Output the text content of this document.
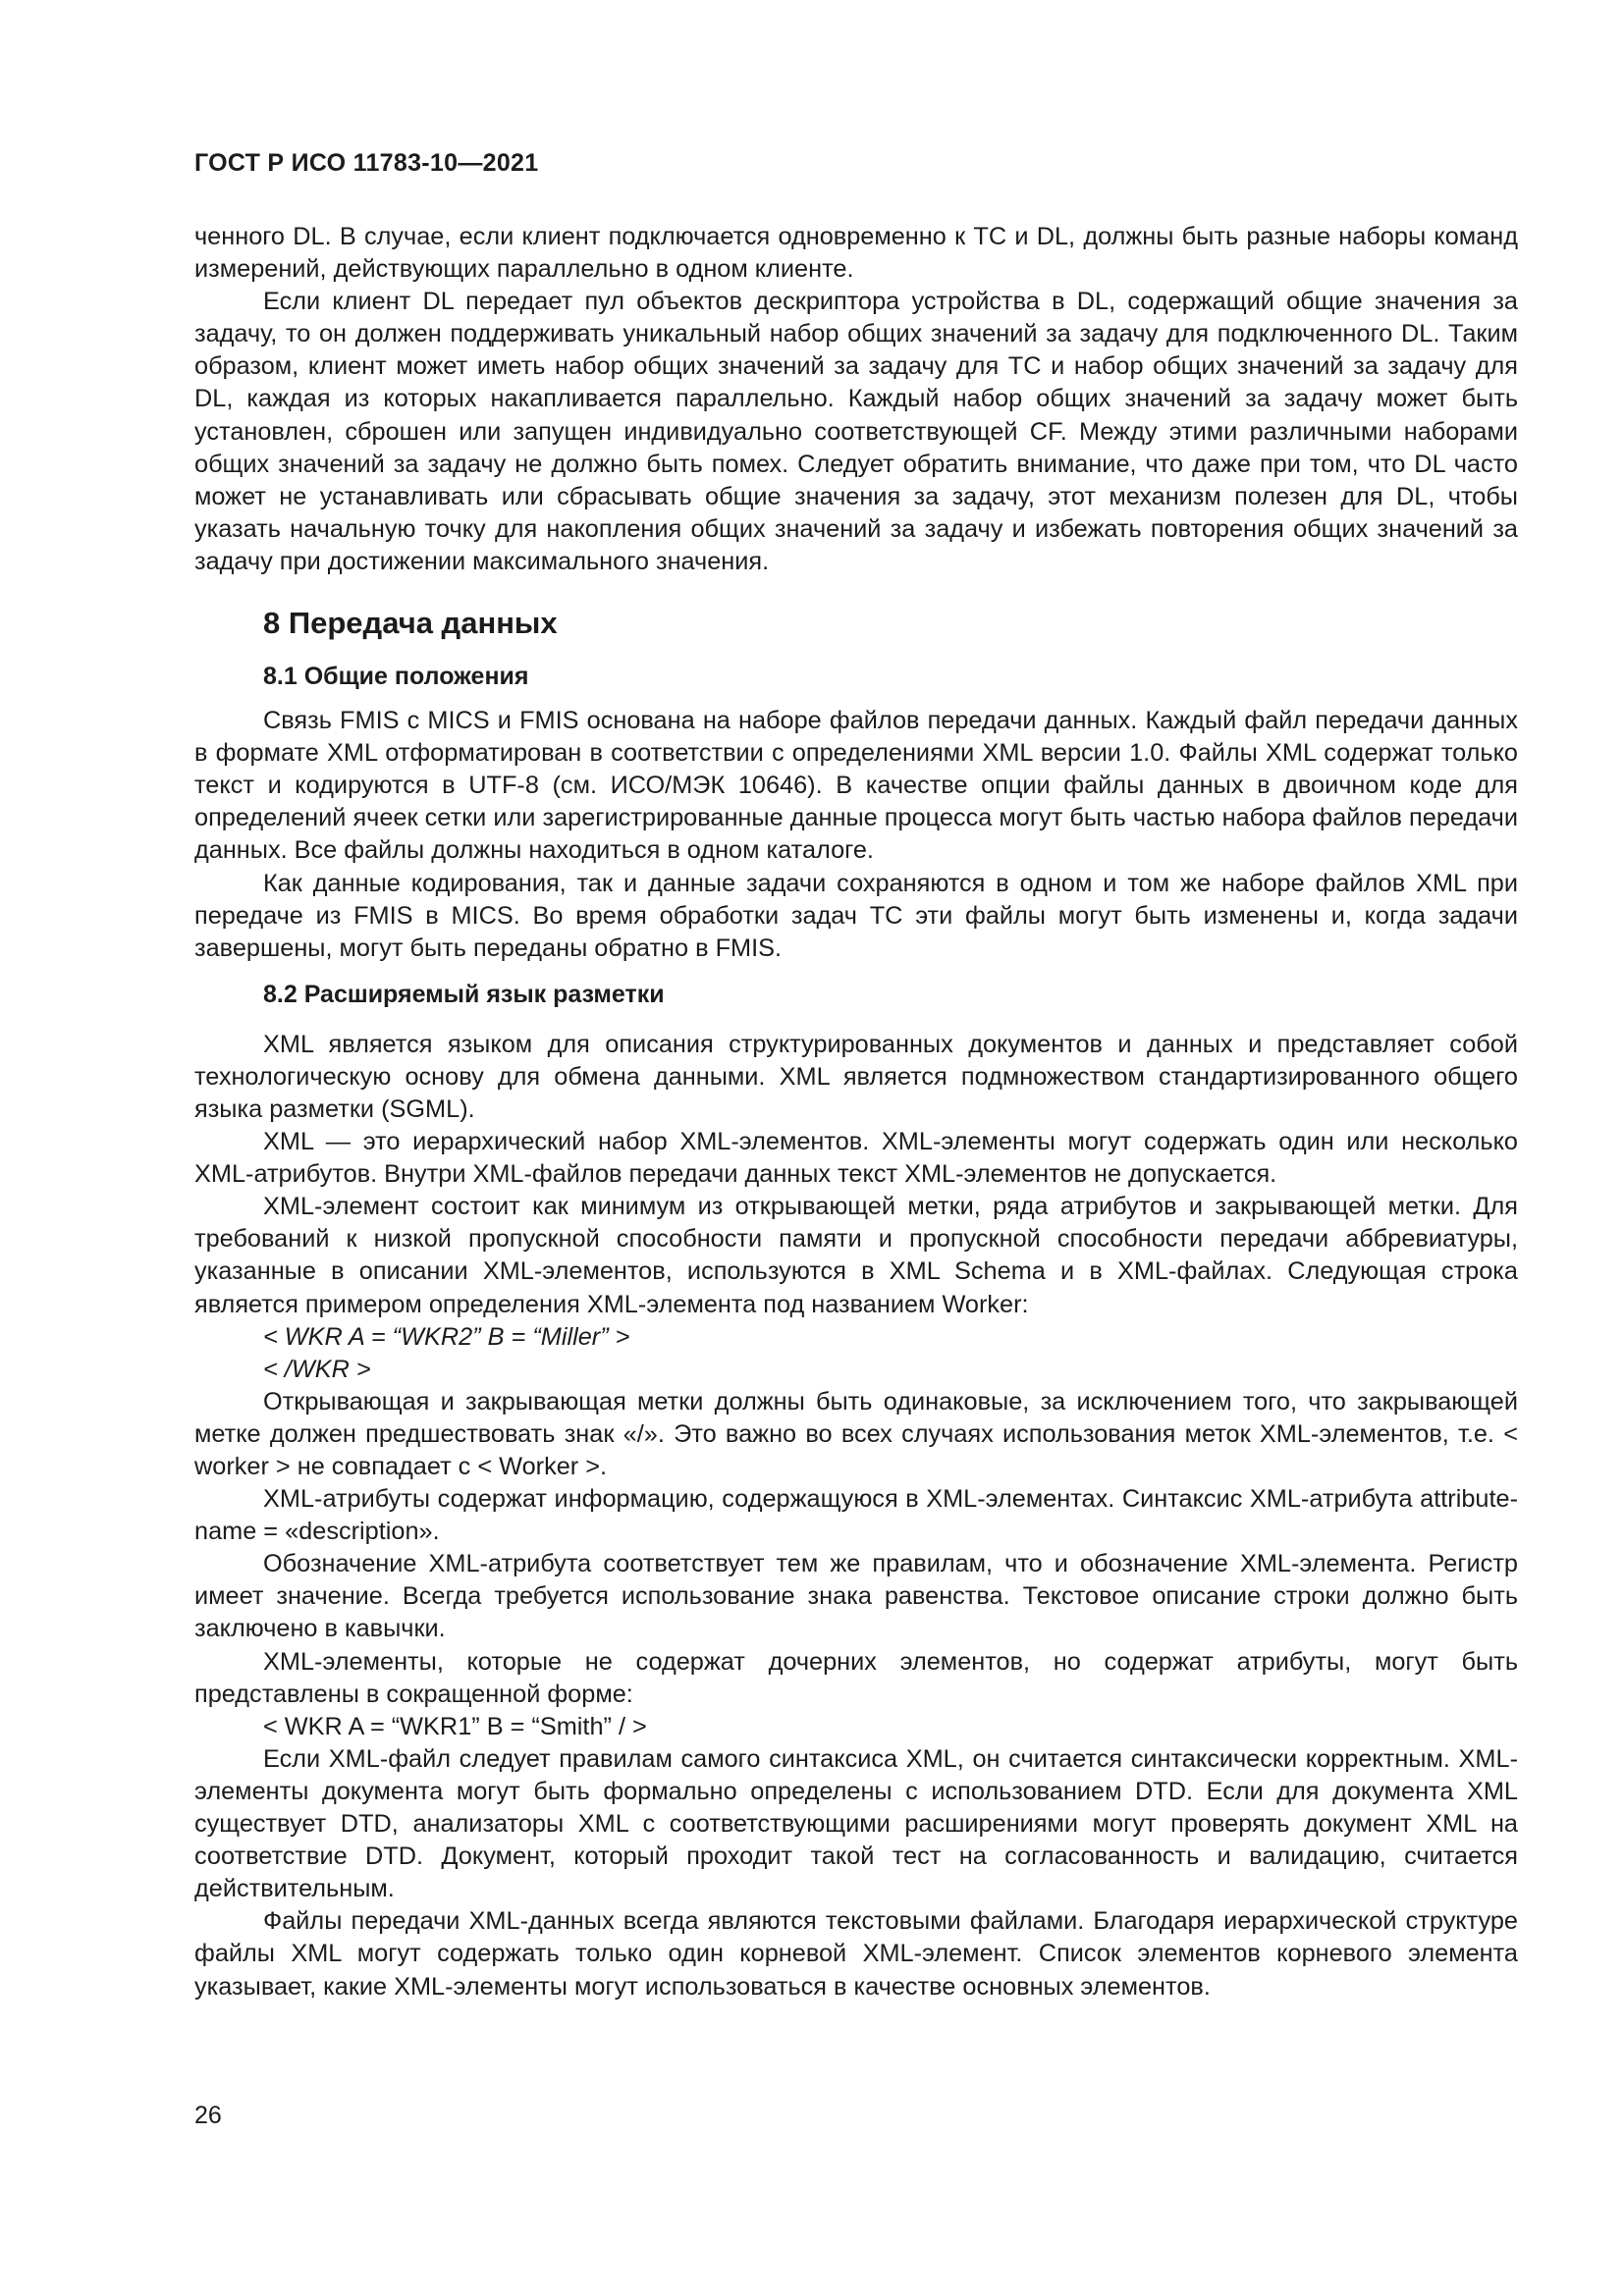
ГОСТ Р ИСО 11783-10—2021

ченного DL. В случае, если клиент подключается одновременно к ТС и DL, должны быть разные наборы команд измерений, действующих параллельно в одном клиенте.

Если клиент DL передает пул объектов дескриптора устройства в DL, содержащий общие значения за задачу, то он должен поддерживать уникальный набор общих значений за задачу для подключенного DL. Таким образом, клиент может иметь набор общих значений за задачу для ТС и набор общих значений за задачу для DL, каждая из которых накапливается параллельно. Каждый набор общих значений за задачу может быть установлен, сброшен или запущен индивидуально соответствующей CF. Между этими различными наборами общих значений за задачу не должно быть помех. Следует обратить внимание, что даже при том, что DL часто может не устанавливать или сбрасывать общие значения за задачу, этот механизм полезен для DL, чтобы указать начальную точку для накопления общих значений за задачу и избежать повторения общих значений за задачу при достижении максимального значения.

8 Передача данных
8.1 Общие положения

Связь FMIS с MICS и FMIS основана на наборе файлов передачи данных. Каждый файл передачи данных в формате XML отформатирован в соответствии с определениями XML версии 1.0. Файлы XML содержат только текст и кодируются в UTF-8 (см. ИСО/МЭК 10646). В качестве опции файлы данных в двоичном коде для определений ячеек сетки или зарегистрированные данные процесса могут быть частью набора файлов передачи данных. Все файлы должны находиться в одном каталоге.

Как данные кодирования, так и данные задачи сохраняются в одном и том же наборе файлов XML при передаче из FMIS в MICS. Во время обработки задач ТС эти файлы могут быть изменены и, когда задачи завершены, могут быть переданы обратно в FMIS.

8.2 Расширяемый язык разметки

XML является языком для описания структурированных документов и данных и представляет собой технологическую основу для обмена данными. XML является подмножеством стандартизированного общего языка разметки (SGML).

XML — это иерархический набор XML-элементов. XML-элементы могут содержать один или несколько XML-атрибутов. Внутри XML-файлов передачи данных текст XML-элементов не допускается.

XML-элемент состоит как минимум из открывающей метки, ряда атрибутов и закрывающей метки. Для требований к низкой пропускной способности памяти и пропускной способности передачи аббревиатуры, указанные в описании XML-элементов, используются в XML Schema и в XML-файлах. Следующая строка является примером определения XML-элемента под названием Worker:

< WKR A = “WKR2” B = “Miller” >

< /WKR >

Открывающая и закрывающая метки должны быть одинаковые, за исключением того, что закрывающей метке должен предшествовать знак «/». Это важно во всех случаях использования меток XML-элементов, т.е. < worker > не совпадает с < Worker >.

XML-атрибуты содержат информацию, содержащуюся в XML-элементах. Синтаксис XML-атрибута attribute-name = «description».

Обозначение XML-атрибута соответствует тем же правилам, что и обозначение XML-элемента. Регистр имеет значение. Всегда требуется использование знака равенства. Текстовое описание строки должно быть заключено в кавычки.

XML-элементы, которые не содержат дочерних элементов, но содержат атрибуты, могут быть представлены в сокращенной форме:

< WKR A = “WKR1” B = “Smith” / >

Если XML-файл следует правилам самого синтаксиса XML, он считается синтаксически корректным. XML-элементы документа могут быть формально определены с использованием DTD. Если для документа XML существует DTD, анализаторы XML с соответствующими расширениями могут проверять документ XML на соответствие DTD. Документ, который проходит такой тест на согласованность и валидацию, считается действительным.

Файлы передачи XML-данных всегда являются текстовыми файлами. Благодаря иерархической структуре файлы XML могут содержать только один корневой XML-элемент. Список элементов корневого элемента указывает, какие XML-элементы могут использоваться в качестве основных элементов.

26
